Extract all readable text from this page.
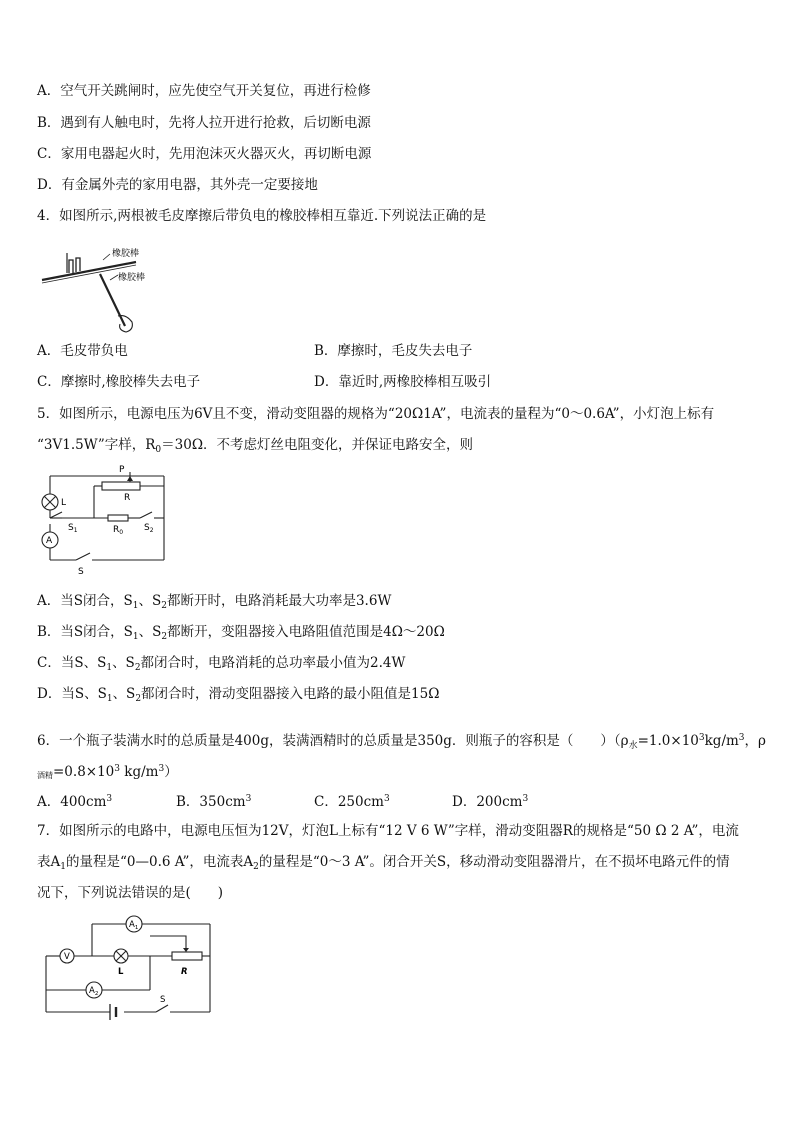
A．空气开关跳闸时，应先使空气开关复位，再进行检修
B．遇到有人触电时，先将人拉开进行抢救，后切断电源
C．家用电器起火时，先用泡沫灭火器灭火，再切断电源
D．有金属外壳的家用电器，其外壳一定要接地
4．如图所示,两根被毛皮摩擦后带负电的橡胶棒相互靠近.下列说法正确的是
橡胶棒
橡胶棒
A．毛皮带负电	B．摩擦时，毛皮失去电子
C．摩擦时,橡胶棒失去电子	D．靠近时,两橡胶棒相互吸引
5．如图所示，电源电压为6V且不变，滑动变阻器的规格为“20Ω1A”，电流表的量程为“0～0.6A”，小灯泡上标有
“3V1.5W”字样，$R_0=30\Omega$．不考虑灯丝电阻变化，并保证电路安全，则
P
R
L
$R_0$
$S_1$	$S_2$
A
S
A．当S闭合，$S_1$、$S_2$都断开时，电路消耗最大功率是3.6W
B．当S闭合，$S_1$、$S_2$都断开，变阻器接入电路阻值范围是4Ω～20Ω
C．当S、$S_1$、$S_2$都闭合时，电路消耗的总功率最小值为2.4W
D．当S、$S_1$、$S_2$都闭合时，滑动变阻器接入电路的最小阻值是15Ω
6．一个瓶子装满水时的总质量是400g，装满酒精时的总质量是350g．则瓶子的容积是（　　）（$\rho_水=1.0\times 10^3kg/m^3$，ρ
$_{酒精}=0.8\times 10^3$ $kg/m^3$）
A．$400cm^3$	B．$350cm^3$	C．$250cm^3$	D．$200cm^3$
7．如图所示的电路中，电源电压恒为12V，灯泡L上标有“12 V 6 W”字样，滑动变阻器R的规格是“50 Ω 2 A”，电流
表$A_1$的量程是“0—0.6 A”，电流表$A_2$的量程是“0～3 A”。闭合开关S，移动滑动变阻器滑片，在不损坏电路元件的情
况下，下列说法错误的是(　　)
$A_1$
V
L	R
$A_2$
S
